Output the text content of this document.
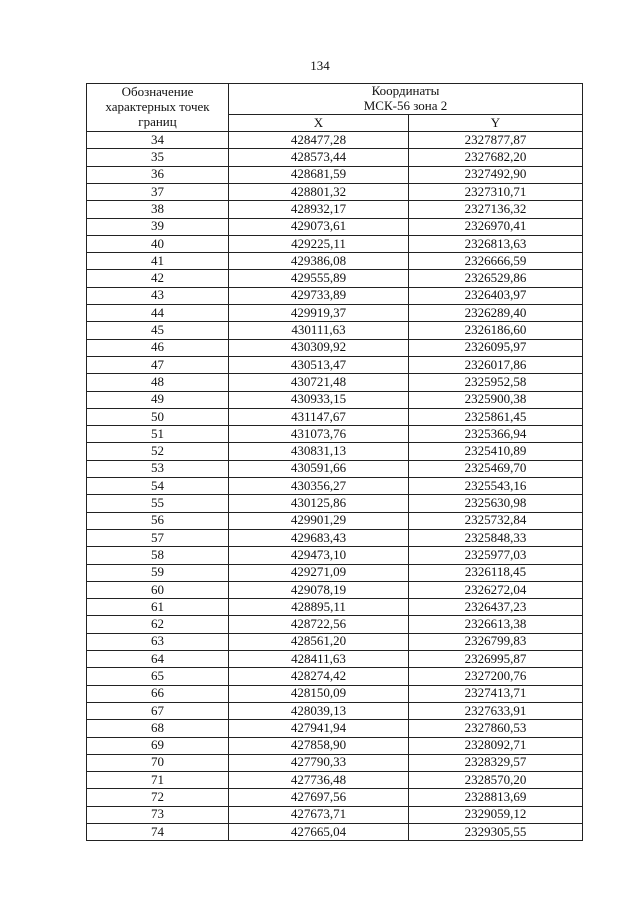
134
Обозначение характерных точек границ	Координаты
МСК-56 зона 2	
	X	Y
34	428477,28	2327877,87
35	428573,44	2327682,20
36	428681,59	2327492,90
37	428801,32	2327310,71
38	428932,17	2327136,32
39	429073,61	2326970,41
40	429225,11	2326813,63
41	429386,08	2326666,59
42	429555,89	2326529,86
43	429733,89	2326403,97
44	429919,37	2326289,40
45	430111,63	2326186,60
46	430309,92	2326095,97
47	430513,47	2326017,86
48	430721,48	2325952,58
49	430933,15	2325900,38
50	431147,67	2325861,45
51	431073,76	2325366,94
52	430831,13	2325410,89
53	430591,66	2325469,70
54	430356,27	2325543,16
55	430125,86	2325630,98
56	429901,29	2325732,84
57	429683,43	2325848,33
58	429473,10	2325977,03
59	429271,09	2326118,45
60	429078,19	2326272,04
61	428895,11	2326437,23
62	428722,56	2326613,38
63	428561,20	2326799,83
64	428411,63	2326995,87
65	428274,42	2327200,76
66	428150,09	2327413,71
67	428039,13	2327633,91
68	427941,94	2327860,53
69	427858,90	2328092,71
70	427790,33	2328329,57
71	427736,48	2328570,20
72	427697,56	2328813,69
73	427673,71	2329059,12
74	427665,04	2329305,55
